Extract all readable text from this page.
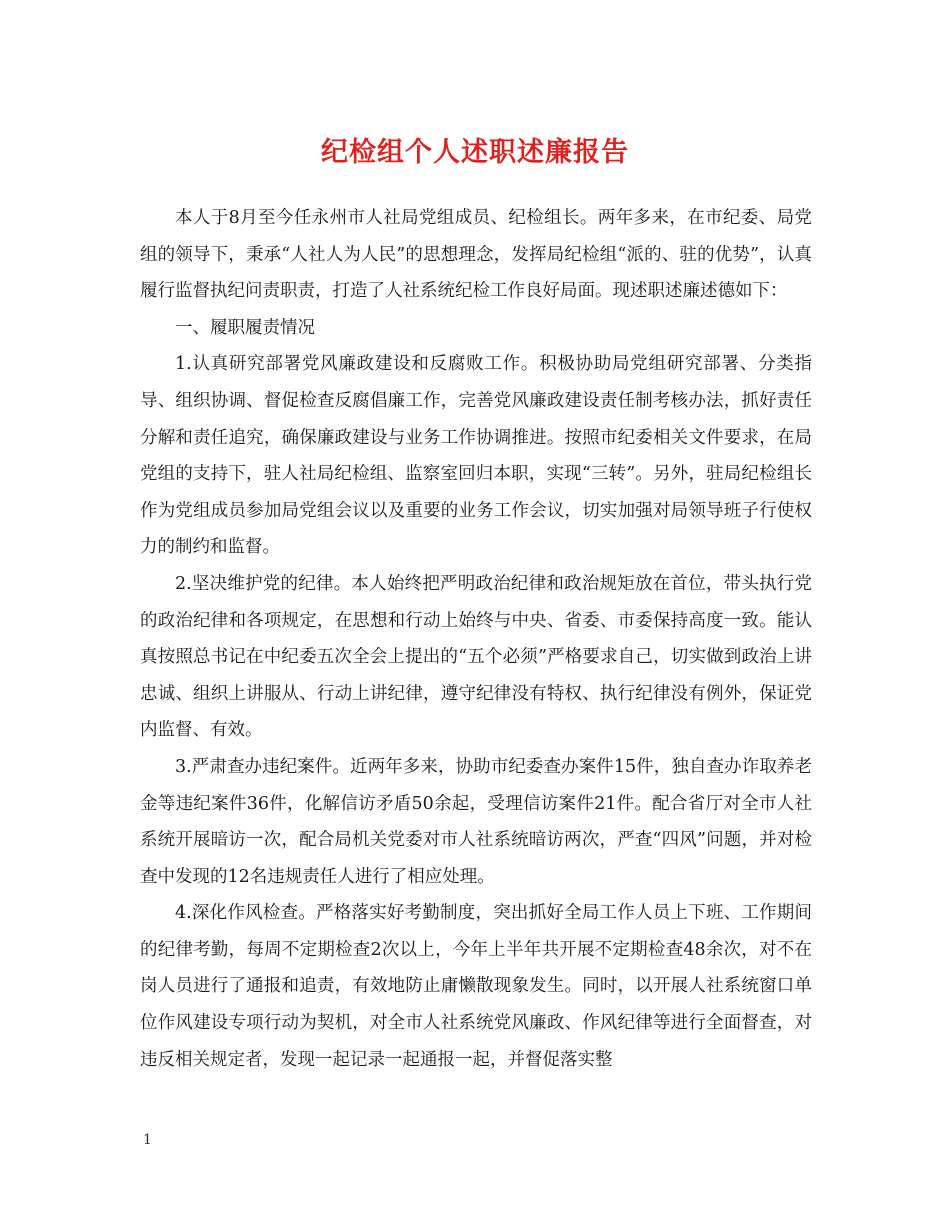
纪检组个人述职述廉报告

本人于8月至今任永州市人社局党组成员、纪检组长。两年多来，在市纪委、局党组的领导下，秉承“人社人为人民”的思想理念，发挥局纪检组“派的、驻的优势”，认真履行监督执纪问责职责，打造了人社系统纪检工作良好局面。现述职述廉述德如下：

一、履职履责情况

1.认真研究部署党风廉政建设和反腐败工作。积极协助局党组研究部署、分类指导、组织协调、督促检查反腐倡廉工作，完善党风廉政建设责任制考核办法，抓好责任分解和责任追究，确保廉政建设与业务工作协调推进。按照市纪委相关文件要求，在局党组的支持下，驻人社局纪检组、监察室回归本职，实现“三转”。另外，驻局纪检组长作为党组成员参加局党组会议以及重要的业务工作会议，切实加强对局领导班子行使权力的制约和监督。

2.坚决维护党的纪律。本人始终把严明政治纪律和政治规矩放在首位，带头执行党的政治纪律和各项规定，在思想和行动上始终与中央、省委、市委保持高度一致。能认真按照总书记在中纪委五次全会上提出的“五个必须”严格要求自己，切实做到政治上讲忠诚、组织上讲服从、行动上讲纪律，遵守纪律没有特权、执行纪律没有例外，保证党内监督、有效。

3.严肃查办违纪案件。近两年多来，协助市纪委查办案件15件，独自查办诈取养老金等违纪案件36件，化解信访矛盾50余起，受理信访案件21件。配合省厅对全市人社系统开展暗访一次，配合局机关党委对市人社系统暗访两次，严查“四风”问题，并对检查中发现的12名违规责任人进行了相应处理。

4.深化作风检查。严格落实好考勤制度，突出抓好全局工作人员上下班、工作期间的纪律考勤，每周不定期检查2次以上，今年上半年共开展不定期检查48余次，对不在岗人员进行了通报和追责，有效地防止庸懒散现象发生。同时，以开展人社系统窗口单位作风建设专项行动为契机，对全市人社系统党风廉政、作风纪律等进行全面督查，对违反相关规定者，发现一起记录一起通报一起，并督促落实整

1
